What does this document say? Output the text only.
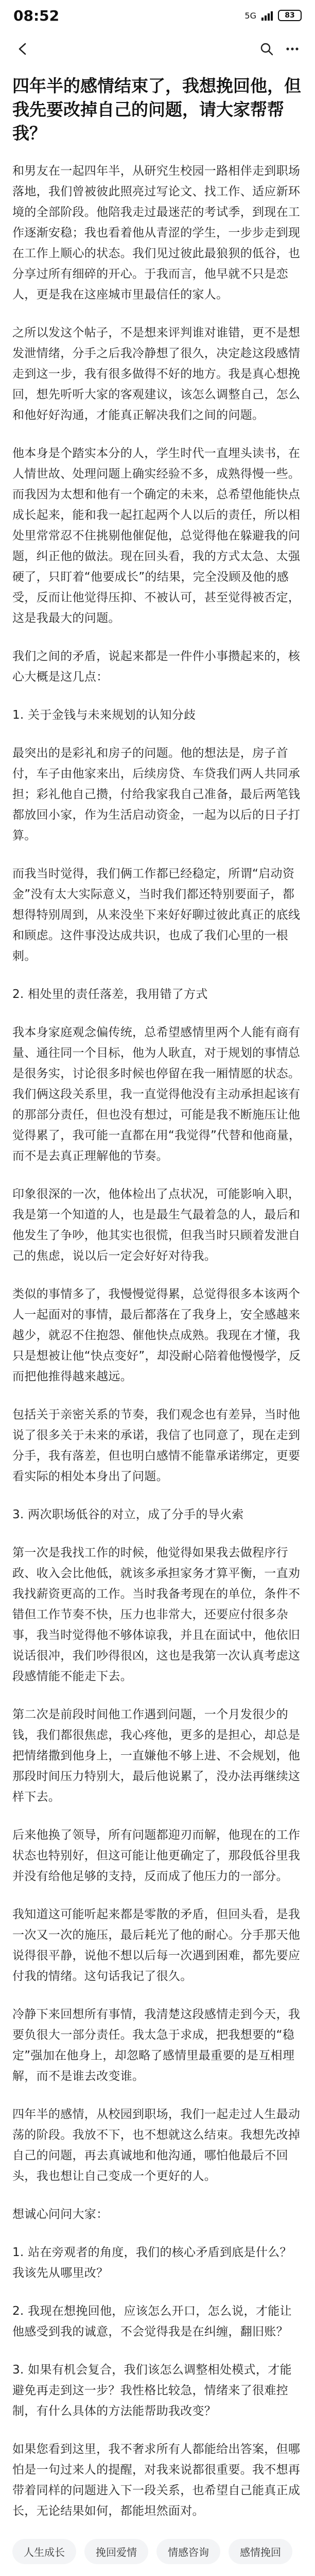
08:52	5G	83
四年半的感情结束了，我想挽回他，但我先要改掉自己的问题，请大家帮帮我？
和男友在一起四年半，从研究生校园一路相伴走到职场落地，我们曾被彼此照亮过写论文、找工作、适应新环境的全部阶段。他陪我走过最迷茫的考试季，到现在工作逐渐安稳；我也看着他从青涩的学生，一步步走到现在工作上顺心的状态。我们见过彼此最狼狈的低谷，也分享过所有细碎的开心。于我而言，他早就不只是恋人，更是我在这座城市里最信任的家人。
之所以发这个帖子，不是想来评判谁对谁错，更不是想发泄情绪，分手之后我冷静想了很久，决定趁这段感情走到这一步，我有很多做得不好的地方。我是真心想挽回，想先听听大家的客观建议，该怎么调整自己，怎么和他好好沟通，才能真正解决我们之间的问题。
他本身是个踏实本分的人，学生时代一直埋头读书，在人情世故、处理问题上确实经验不多，成熟得慢一些。而我因为太想和他有一个确定的未来，总希望他能快点成长起来，能和我一起扛起两个人以后的责任，所以相处里常常忍不住挑剔他催促他，总觉得他在躲避我的问题，纠正他的做法。现在回头看，我的方式太急、太强硬了，只盯着“他要成长”的结果，完全没顾及他的感受，反而让他觉得压抑、不被认可，甚至觉得被否定，这是我最大的问题。
我们之间的矛盾，说起来都是一件件小事攒起来的，核心大概是这几点：
1. 关于金钱与未来规划的认知分歧
最突出的是彩礼和房子的问题。他的想法是，房子首付，车子由他家来出，后续房贷、车贷我们两人共同承担；彩礼他自己攒，付给我家我自己准备，最后两笔钱都放回小家，作为生活启动资金，一起为以后的日子打算。
而我当时觉得，我们俩工作都已经稳定，所谓“启动资金”没有太大实际意义，当时我们都还特别要面子，都想得特别周到，从来没坐下来好好聊过彼此真正的底线和顾虑。这件事没达成共识，也成了我们心里的一根刺。
2. 相处里的责任落差，我用错了方式
我本身家庭观念偏传统，总希望感情里两个人能有商有量、通往同一个目标，他为人耿直，对于规划的事情总是很务实，讨论很多时候也停留在我一厢情愿的状态。我们俩这段关系里，我一直觉得他没有主动承担起该有的那部分责任，但也没有想过，可能是我不断施压让他觉得累了，我可能一直都在用“我觉得”代替和他商量，而不是去真正理解他的节奏。
印象很深的一次，他体检出了点状况，可能影响入职，我是第一个知道的人，也是最生气最着急的人，最后和他发生了争吵，他其实也很慌，但我当时只顾着发泄自己的焦虑，说以后一定会好好对待我。
类似的事情多了，我慢慢觉得累，总觉得很多本该两个人一起面对的事情，最后都落在了我身上，安全感越来越少，就忍不住抱怨、催他快点成熟。我现在才懂，我只是想被让他“快点变好”，却没耐心陪着他慢慢学，反而把他推得越来越远。
包括关于亲密关系的节奏，我们观念也有差异，当时他说了很多关于未来的承诺，我信了也同意了，现在走到分手，我有落差，但也明白感情不能靠承诺绑定，更要看实际的相处本身出了问题。
3. 两次职场低谷的对立，成了分手的导火索
第一次是我找工作的时候，他觉得如果我去做程序行政、收入会比他低，就该多承担家务才算平衡，一直劝我找薪资更高的工作。当时我备考现在的单位，条件不错但工作节奏不快，压力也非常大，还要应付很多杂事，我当时觉得他不够体谅我，并且在面试中，他依旧说话很冲，我们吵得很凶，这也是我第一次认真考虑这段感情能不能走下去。
第二次是前段时间他工作遇到问题，一个月发很少的钱，我们都很焦虑，我心疼他，更多的是担心，却总是把情绪撒到他身上，一直嫌他不够上进、不会规划，他那段时间压力特别大，最后他说累了，没办法再继续这样下去。
后来他换了领导，所有问题都迎刃而解，他现在的工作状态也特别好，但这可能让他更确定了，那段低谷里我并没有给他足够的支持，反而成了他压力的一部分。
我知道这可能听起来都是零散的矛盾，但回头看，是我一次又一次的施压，最后耗光了他的耐心。分手那天他说得很平静，说他不想以后每一次遇到困难，都先要应付我的情绪。这句话我记了很久。
冷静下来回想所有事情，我清楚这段感情走到今天，我要负很大一部分责任。我太急于求成，把我想要的“稳定”强加在他身上，却忽略了感情里最重要的是互相理解，而不是谁去改变谁。
四年半的感情，从校园到职场，我们一起走过人生最动荡的阶段。我放不下，也不想就这么结束。我想先改掉自己的问题，再去真诚地和他沟通，哪怕他最后不回头，我也想让自己变成一个更好的人。
想诚心问问大家：
1. 站在旁观者的角度，我们的核心矛盾到底是什么？我该先从哪里改？
2. 我现在想挽回他，应该怎么开口，怎么说，才能让他感受到我的诚意，不会觉得我是在纠缠，翻旧账？
3. 如果有机会复合，我们该怎么调整相处模式，才能避免再走到这一步？我性格比较急，情绪来了很难控制，有什么具体的方法能帮助我改变？
如果您看到这里，我不奢求所有人都能给出答案，但哪怕是一句过来人的提醒，对我来说都很重要。我不想再带着同样的问题进入下一段关系，也希望自己能真正成长，无论结果如何，都能坦然面对。
人生成长	挽回爱情	情感咨询	感情挽回
